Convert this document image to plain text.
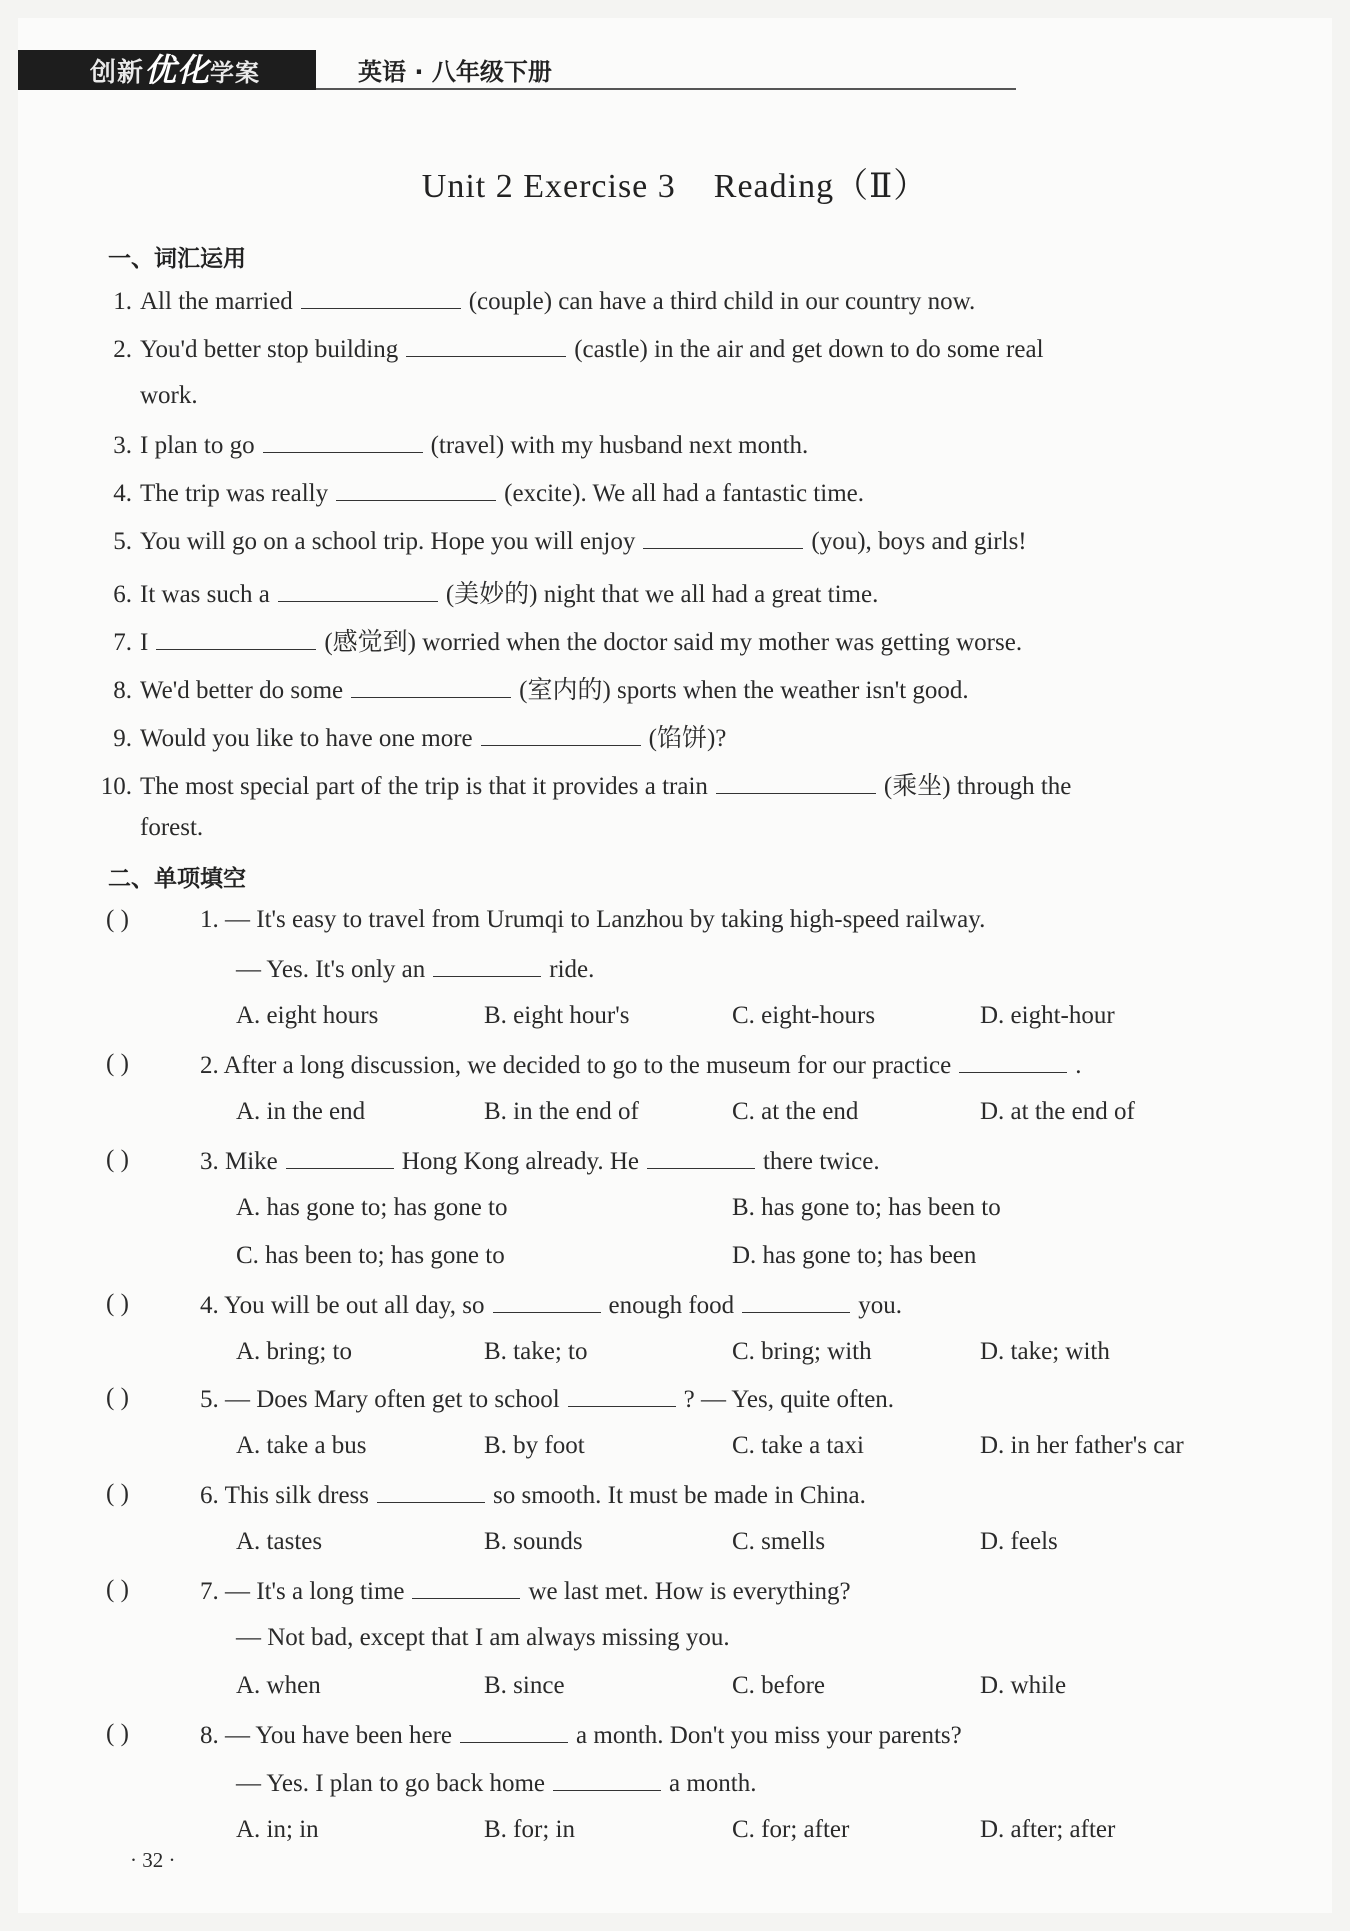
创新优化学案	英语 · 八年级下册
Unit 2 Exercise 3 Reading（Ⅱ）
一、词汇运用
1. All the married	(couple) can have a third child in our country now.
2. You'd better stop building	(castle) in the air and get down to do some real
work.
3. I plan to go	(travel) with my husband next month.
4. The trip was really	(excite). We all had a fantastic time.
5. You will go on a school trip. Hope you will enjoy	(you), boys and girls!
6. It was such a	(美妙的) night that we all had a great time.
7. I	(感觉到) worried when the doctor said my mother was getting worse.
8. We'd better do some	(室内的) sports when the weather isn't good.
9. Would you like to have one more	(馅饼)?
10. The most special part of the trip is that it provides a train	(乘坐) through the
forest.
二、单项填空
( )	1. — It's easy to travel from Urumqi to Lanzhou by taking high-speed railway.
— Yes. It's only an	ride.
A. eight hours	B. eight hour's	C. eight-hours	D. eight-hour
( )	2. After a long discussion, we decided to go to the museum for our practice	.
A. in the end	B. in the end of	C. at the end	D. at the end of
( )	3. Mike	Hong Kong already. He	there twice.
A. has gone to; has gone to	B. has gone to; has been to
C. has been to; has gone to	D. has gone to; has been
( )	4. You will be out all day, so	enough food	you.
A. bring; to	B. take; to	C. bring; with	D. take; with
( )	5. — Does Mary often get to school	? — Yes, quite often.
A. take a bus	B. by foot	C. take a taxi	D. in her father's car
( )	6. This silk dress	so smooth. It must be made in China.
A. tastes	B. sounds	C. smells	D. feels
( )	7. — It's a long time	we last met. How is everything?
— Not bad, except that I am always missing you.
A. when	B. since	C. before	D. while
( )	8. — You have been here	a month. Don't you miss your parents?
— Yes. I plan to go back home	a month.
A. in; in	B. for; in	C. for; after	D. after; after
· 32 ·
